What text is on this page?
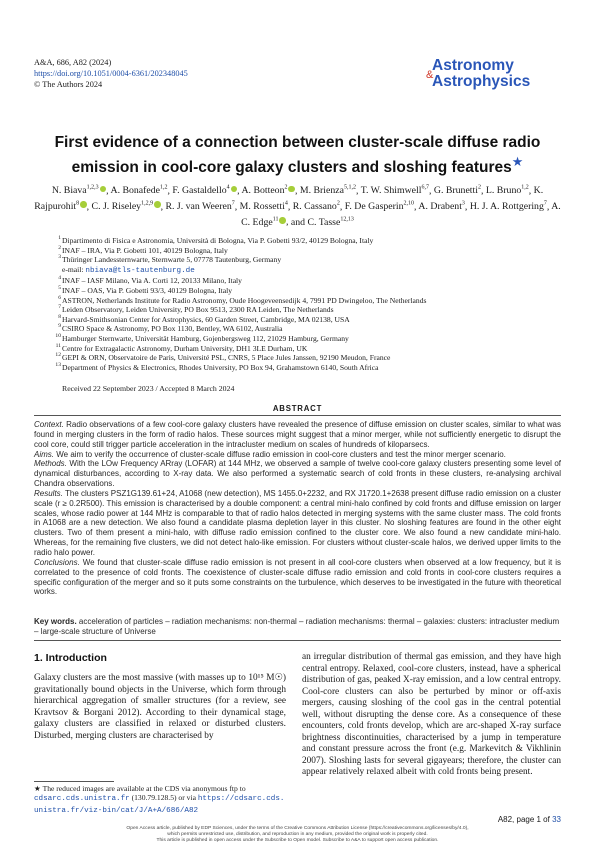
A&A, 686, A82 (2024)
https://doi.org/10.1051/0004-6361/202348045
© The Authors 2024
Astronomy
&
Astrophysics
First evidence of a connection between cluster-scale diffuse radio emission in cool-core galaxy clusters and sloshing features★
N. Biava$^{1,2,3}$ , A. Bonafede$^{1,2}$, F. Gastaldello$^4$ , A. Botteon$^2$ , M. Brienza$^{5,1,2}$, T. W. Shimwell$^{6,7}$, G. Brunetti$^2$, L. Bruno$^{1,2}$, K. Rajpurohit$^8$ , C. J. Riseley$^{1,2,9}$ , R. J. van Weeren$^7$, M. Rossetti$^4$, R. Cassano$^2$, F. De Gasperin$^{2,10}$, A. Drabent$^3$, H. J. A. Rottgering$^7$, A. C. Edge$^{11}$ , and C. Tasse$^{12,13}$
1 Dipartimento di Fisica e Astronomia, Università di Bologna, Via P. Gobetti 93/2, 40129 Bologna, Italy
2 INAF – IRA, Via P. Gobetti 101, 40129 Bologna, Italy
3 Thüringer Landessternwarte, Sternwarte 5, 07778 Tautenburg, Germany
e-mail: nbiava@tls-tautenburg.de
4 INAF – IASF Milano, Via A. Corti 12, 20133 Milano, Italy
5 INAF – OAS, Via P. Gobetti 93/3, 40129 Bologna, Italy
6 ASTRON, Netherlands Institute for Radio Astronomy, Oude Hoogeveensedijk 4, 7991 PD Dwingeloo, The Netherlands
7 Leiden Observatory, Leiden University, PO Box 9513, 2300 RA Leiden, The Netherlands
8 Harvard-Smithsonian Center for Astrophysics, 60 Garden Street, Cambridge, MA 02138, USA
9 CSIRO Space & Astronomy, PO Box 1130, Bentley, WA 6102, Australia
10 Hamburger Sternwarte, Universität Hamburg, Gojenbergsweg 112, 21029 Hamburg, Germany
11 Centre for Extragalactic Astronomy, Durham University, DH1 3LE Durham, UK
12 GEPI & ORN, Observatoire de Paris, Université PSL, CNRS, 5 Place Jules Janssen, 92190 Meudon, France
13 Department of Physics & Electronics, Rhodes University, PO Box 94, Grahamstown 6140, South Africa
Received 22 September 2023 / Accepted 8 March 2024
ABSTRACT

Context. Radio observations of a few cool-core galaxy clusters have revealed the presence of diffuse emission on cluster scales, similar to what was found in merging clusters in the form of radio halos. These sources might suggest that a minor merger, while not sufficiently energetic to disrupt the cool core, could still trigger particle acceleration in the intracluster medium on scales of hundreds of kiloparsecs.

Aims. We aim to verify the occurrence of cluster-scale diffuse radio emission in cool-core clusters and test the minor merger scenario.

Methods. With the LOw Frequency ARray (LOFAR) at 144 MHz, we observed a sample of twelve cool-core galaxy clusters presenting some level of dynamical disturbances, according to X-ray data. We also performed a systematic search of cold fronts in these clusters, re-analysing archival Chandra observations.

Results. The clusters PSZ1G139.61+24, A1068 (new detection), MS 1455.0+2232, and RX J1720.1+2638 present diffuse radio emission on a cluster scale (r ≥ 0.2R500). This emission is characterised by a double component: a central mini-halo confined by cold fronts and diffuse emission on larger scales, whose radio power at 144 MHz is comparable to that of radio halos detected in merging systems with the same cluster mass. The cold fronts in A1068 are a new detection. We also found a candidate plasma depletion layer in this cluster. No sloshing features are found in the other eight clusters. Two of them present a mini-halo, with diffuse radio emission confined to the cluster core. We also found a new candidate mini-halo. Whereas, for the remaining five clusters, we did not detect halo-like emission. For clusters without cluster-scale halos, we derived upper limits to the radio halo power.

Conclusions. We found that cluster-scale diffuse radio emission is not present in all cool-core clusters when observed at a low frequency, but it is correlated to the presence of cold fronts. The coexistence of cluster-scale diffuse radio emission and cold fronts in cool-core clusters requires a specific configuration of the merger and so it puts some constraints on the turbulence, which deserves to be investigated in the future with theoretical works.

Key words. acceleration of particles – radiation mechanisms: non-thermal – radiation mechanisms: thermal – galaxies: clusters: intracluster medium – large-scale structure of Universe
1. Introduction
Galaxy clusters are the most massive (with masses up to 10¹⁵ M☉) gravitationally bound objects in the Universe, which form through hierarchical aggregation of smaller structures (for a review, see Kravtsov & Borgani 2012). According to their dynamical stage, galaxy clusters are classified in relaxed or disturbed clusters. Disturbed, merging clusters are characterised by
an irregular distribution of thermal gas emission, and they have high central entropy. Relaxed, cool-core clusters, instead, have a spherical distribution of gas, peaked X-ray emission, and a low central entropy. Cool-core clusters can also be perturbed by minor or off-axis mergers, causing sloshing of the cool gas in the central potential well, without disrupting the dense core. As a consequence of these encounters, cold fronts develop, which are arc-shaped X-ray surface brightness discontinuities, characterised by a jump in temperature and constant pressure across the front (e.g. Markevitch & Vikhlinin 2007). Sloshing lasts for several gigayears; therefore, the cluster can appear relatively relaxed albeit with cold fronts being present.
★ The reduced images are available at the CDS via anonymous ftp to cdsarc.cds.unistra.fr (130.79.128.5) or via https://cdsarc.cds.unistra.fr/viz-bin/cat/J/A+A/686/A82
A82, page 1 of 33
Open Access article, published by EDP Sciences, under the terms of the Creative Commons Attribution License (https://creativecommons.org/licenses/by/4.0),
which permits unrestricted use, distribution, and reproduction in any medium, provided the original work is properly cited.
This article is published in open access under the Subscribe to Open model. Subscribe to A&A to support open access publication.
